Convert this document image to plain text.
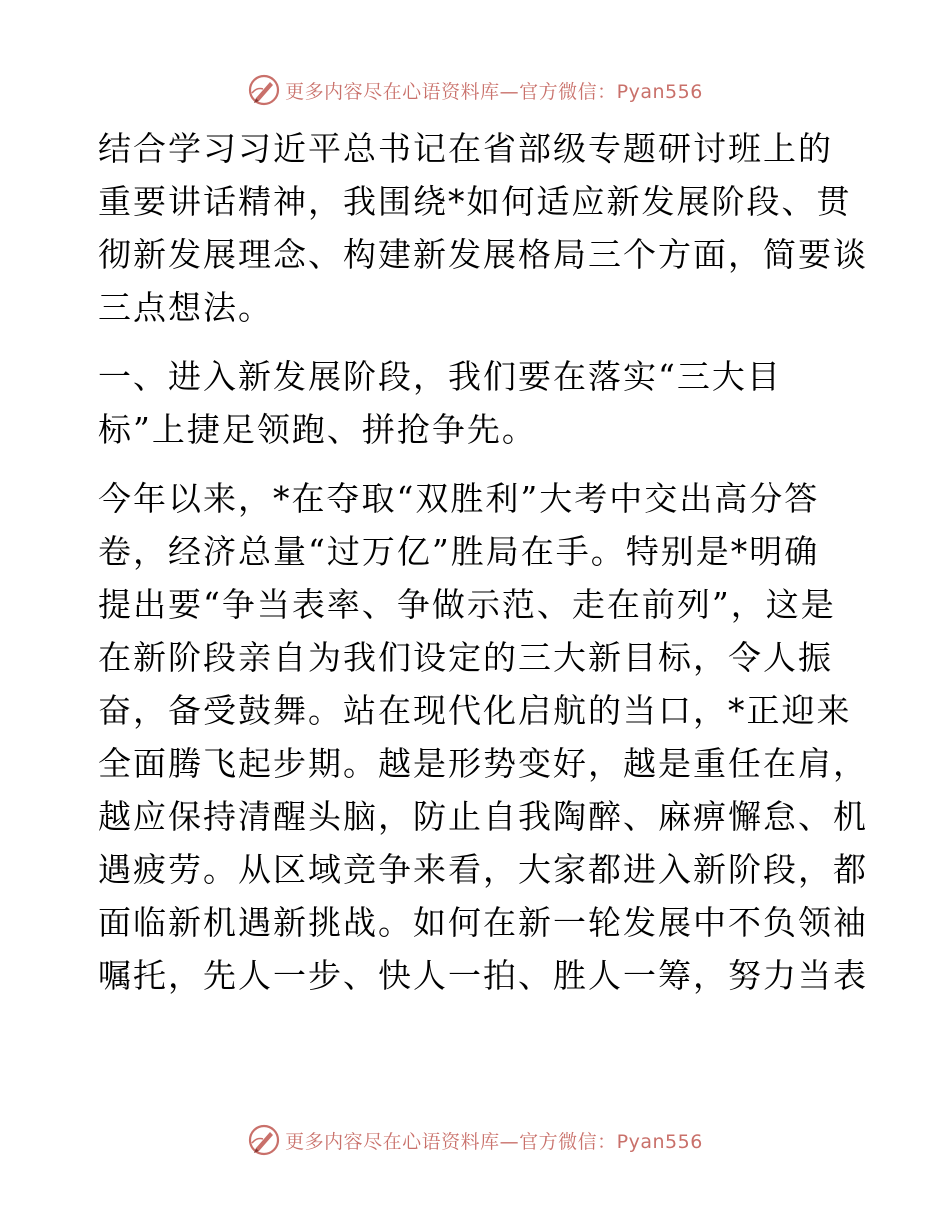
更多内容尽在心语资料库—官方微信：Pyan556
结合学习习近平总书记在省部级专题研讨班上的
重要讲话精神，我围绕*如何适应新发展阶段、贯
彻新发展理念、构建新发展格局三个方面，简要谈
三点想法。
一、进入新发展阶段，我们要在落实“三大目
标”上捷足领跑、拼抢争先。
今年以来，*在夺取“双胜利”大考中交出高分答
卷，经济总量“过万亿”胜局在手。特别是*明确
提出要“争当表率、争做示范、走在前列”，这是
在新阶段亲自为我们设定的三大新目标，令人振
奋，备受鼓舞。站在现代化启航的当口，*正迎来
全面腾飞起步期。越是形势变好，越是重任在肩，
越应保持清醒头脑，防止自我陶醉、麻痹懈怠、机
遇疲劳。从区域竞争来看，大家都进入新阶段，都
面临新机遇新挑战。如何在新一轮发展中不负领袖
嘱托，先人一步、快人一拍、胜人一筹，努力当表
更多内容尽在心语资料库—官方微信：Pyan556
